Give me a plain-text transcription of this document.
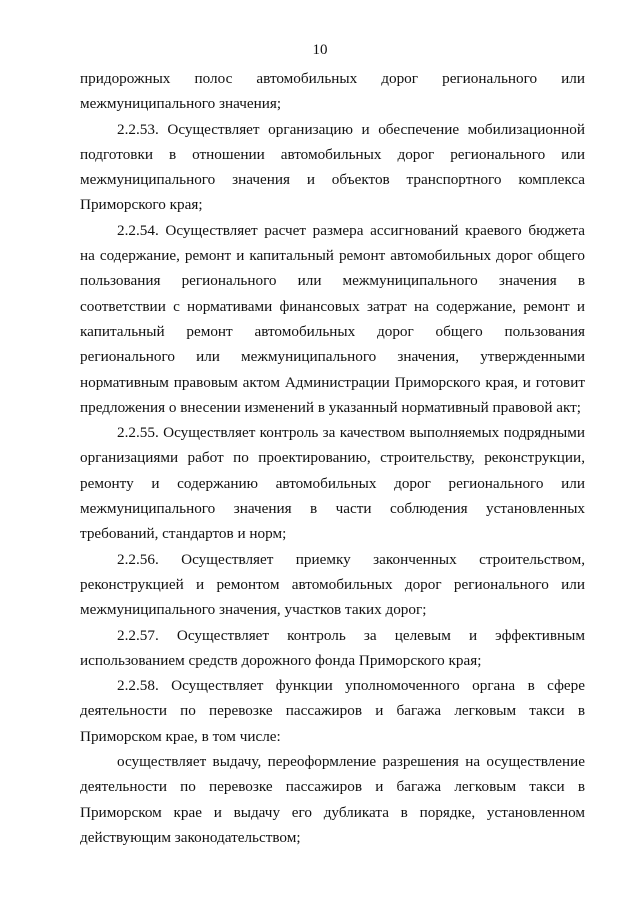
10

придорожных полос автомобильных дорог регионального или межмуниципального значения;

2.2.53. Осуществляет организацию и обеспечение мобилизационной подготовки в отношении автомобильных дорог регионального или межмуниципального значения и объектов транспортного комплекса Приморского края;

2.2.54. Осуществляет расчет размера ассигнований краевого бюджета на содержание, ремонт и капитальный ремонт автомобильных дорог общего пользования регионального или межмуниципального значения в соответствии с нормативами финансовых затрат на содержание, ремонт и капитальный ремонт автомобильных дорог общего пользования регионального или межмуниципального значения, утвержденными нормативным правовым актом Администрации Приморского края, и готовит предложения о внесении изменений в указанный нормативный правовой акт;

2.2.55. Осуществляет контроль за качеством выполняемых подрядными организациями работ по проектированию, строительству, реконструкции, ремонту и содержанию автомобильных дорог регионального или межмуниципального значения в части соблюдения установленных требований, стандартов и норм;

2.2.56. Осуществляет приемку законченных строительством, реконструкцией и ремонтом автомобильных дорог регионального или межмуниципального значения, участков таких дорог;

2.2.57. Осуществляет контроль за целевым и эффективным использованием средств дорожного фонда Приморского края;

2.2.58. Осуществляет функции уполномоченного органа в сфере деятельности по перевозке пассажиров и багажа легковым такси в Приморском крае, в том числе:

осуществляет выдачу, переоформление разрешения на осуществление деятельности по перевозке пассажиров и багажа легковым такси в Приморском крае и выдачу его дубликата в порядке, установленном действующим законодательством;
